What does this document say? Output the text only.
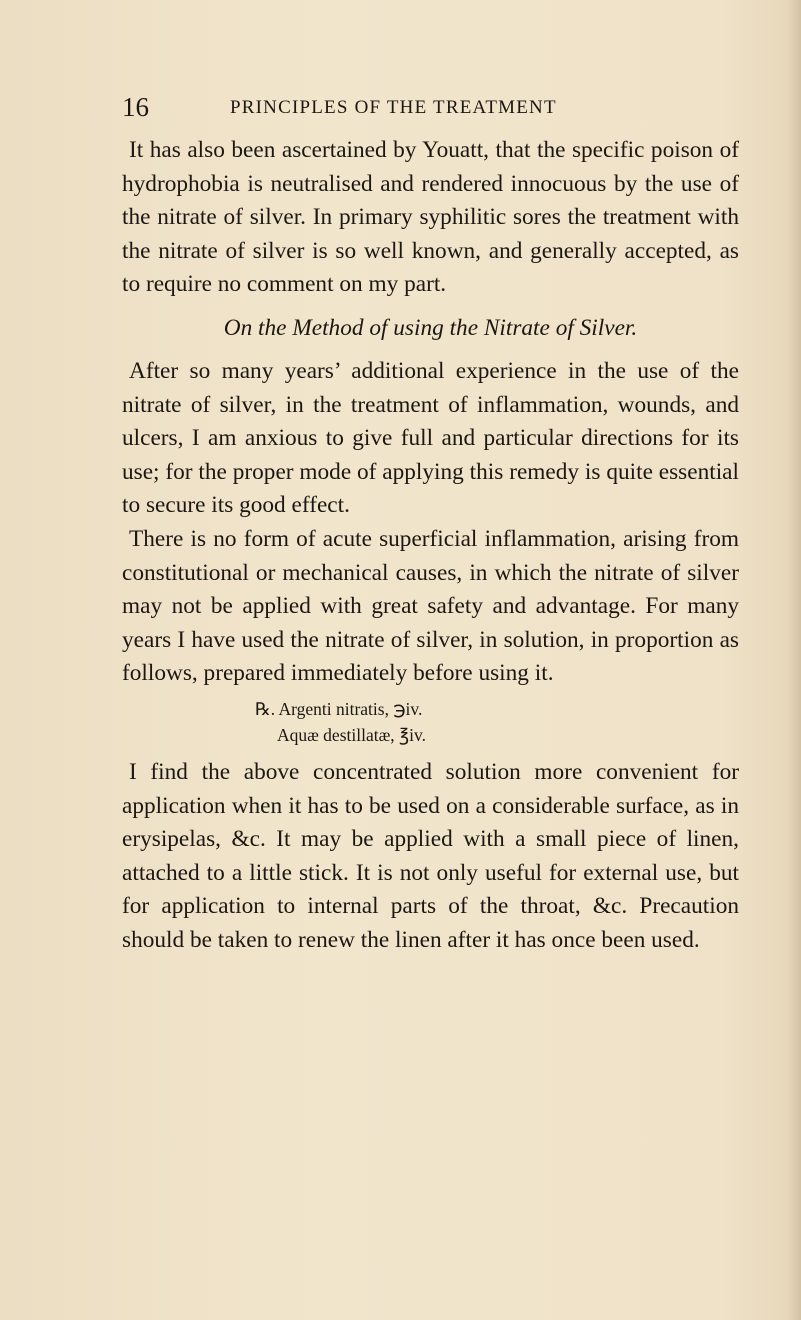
16	PRINCIPLES OF THE TREATMENT

It has also been ascertained by Youatt, that the specific poison of hydrophobia is neutralised and rendered innocuous by the use of the nitrate of silver. In primary syphilitic sores the treatment with the nitrate of silver is so well known, and generally accepted, as to require no comment on my part.

On the Method of using the Nitrate of Silver.

After so many years’ additional experience in the use of the nitrate of silver, in the treatment of inflammation, wounds, and ulcers, I am anxious to give full and particular directions for its use; for the proper mode of applying this remedy is quite essential to secure its good effect.

There is no form of acute superficial inflammation, arising from constitutional or mechanical causes, in which the nitrate of silver may not be applied with great safety and advantage. For many years I have used the nitrate of silver, in solution, in proportion as follows, prepared immediately before using it.

℞. Argenti nitratis, ℈iv.
Aquæ destillatæ, ℥iv.

I find the above concentrated solution more convenient for application when it has to be used on a considerable surface, as in erysipelas, &c. It may be applied with a small piece of linen, attached to a little stick. It is not only useful for external use, but for application to internal parts of the throat, &c. Precaution should be taken to renew the linen after it has once been used.
